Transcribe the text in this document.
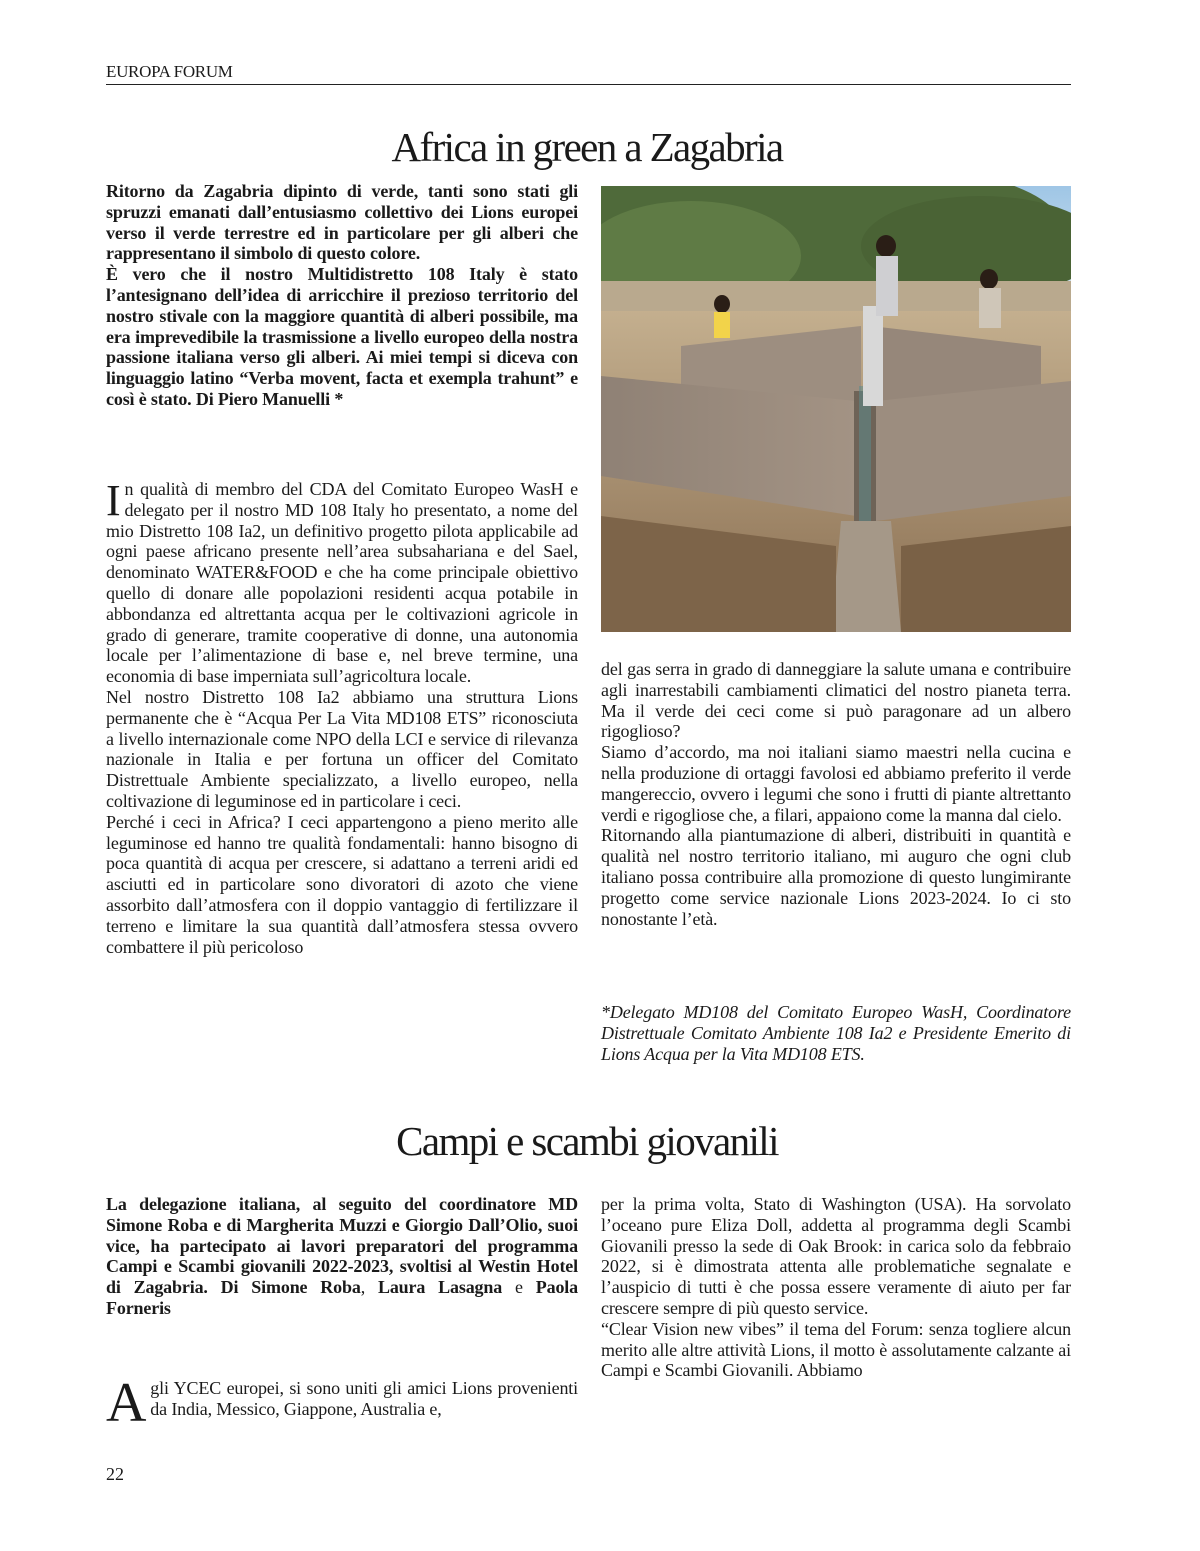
EUROPA FORUM
Africa in green a Zagabria

Ritorno da Zagabria dipinto di verde, tanti sono stati gli spruzzi emanati dall’entusiasmo collettivo dei Lions europei verso il verde terrestre ed in particolare per gli alberi che rappresentano il simbolo di questo colore.

È vero che il nostro Multidistretto 108 Italy è stato l’antesignano dell’idea di arricchire il prezioso territorio del nostro stivale con la maggiore quantità di alberi possibile, ma era imprevedibile la trasmissione a livello europeo della nostra passione italiana verso gli alberi. Ai miei tempi si diceva con linguaggio latino “Verba movent, facta et exempla trahunt” e così è stato. Di Piero Manuelli *

In qualità di membro del CDA del Comitato Europeo WasH e delegato per il nostro MD 108 Italy ho presentato, a nome del mio Distretto 108 Ia2, un definitivo progetto pilota applicabile ad ogni paese africano presente nell’area subsahariana e del Sael, denominato WATER&FOOD e che ha come principale obiettivo quello di donare alle popolazioni residenti acqua potabile in abbondanza ed altrettanta acqua per le coltivazioni agricole in grado di generare, tramite cooperative di donne, una autonomia locale per l’alimentazione di base e, nel breve termine, una economia di base imperniata sull’agricoltura locale.

Nel nostro Distretto 108 Ia2 abbiamo una struttura Lions permanente che è “Acqua Per La Vita MD108 ETS” riconosciuta a livello internazionale come NPO della LCI e service di rilevanza nazionale in Italia e per fortuna un officer del Comitato Distrettuale Ambiente specializzato, a livello europeo, nella coltivazione di leguminose ed in particolare i ceci.

Perché i ceci in Africa? I ceci appartengono a pieno merito alle leguminose ed hanno tre qualità fondamentali: hanno bisogno di poca quantità di acqua per crescere, si adattano a terreni aridi ed asciutti ed in particolare sono divoratori di azoto che viene assorbito dall’atmosfera con il doppio vantaggio di fertilizzare il terreno e limitare la sua quantità dall’atmosfera stessa ovvero combattere il più pericoloso

del gas serra in grado di danneggiare la salute umana e contribuire agli inarrestabili cambiamenti climatici del nostro pianeta terra. Ma il verde dei ceci come si può paragonare ad un albero rigoglioso?

Siamo d’accordo, ma noi italiani siamo maestri nella cucina e nella produzione di ortaggi favolosi ed abbiamo preferito il verde mangereccio, ovvero i legumi che sono i frutti di piante altrettanto verdi e rigogliose che, a filari, appaiono come la manna dal cielo.

Ritornando alla piantumazione di alberi, distribuiti in quantità e qualità nel nostro territorio italiano, mi auguro che ogni club italiano possa contribuire alla promozione di questo lungimirante progetto come service nazionale Lions 2023-2024. Io ci sto nonostante l’età.

*Delegato MD108 del Comitato Europeo WasH, Coordinatore Distrettuale Comitato Ambiente 108 Ia2 e Presidente Emerito di Lions Acqua per la Vita MD108 ETS.

Campi e scambi giovanili

La delegazione italiana, al seguito del coordinatore MD Simone Roba e di Margherita Muzzi e Giorgio Dall’Olio, suoi vice, ha partecipato ai lavori preparatori del programma Campi e Scambi giovanili 2022-2023, svoltisi al Westin Hotel di Zagabria. Di Simone Roba, Laura Lasagna e Paola Forneris

Agli YCEC europei, si sono uniti gli amici Lions provenienti da India, Messico, Giappone, Australia e,

per la prima volta, Stato di Washington (USA). Ha sorvolato l’oceano pure Eliza Doll, addetta al programma degli Scambi Giovanili presso la sede di Oak Brook: in carica solo da febbraio 2022, si è dimostrata attenta alle problematiche segnalate e l’auspicio di tutti è che possa essere veramente di aiuto per far crescere sempre di più questo service.

“Clear Vision new vibes” il tema del Forum: senza togliere alcun merito alle altre attività Lions, il motto è assolutamente calzante ai Campi e Scambi Giovanili. Abbiamo

22
